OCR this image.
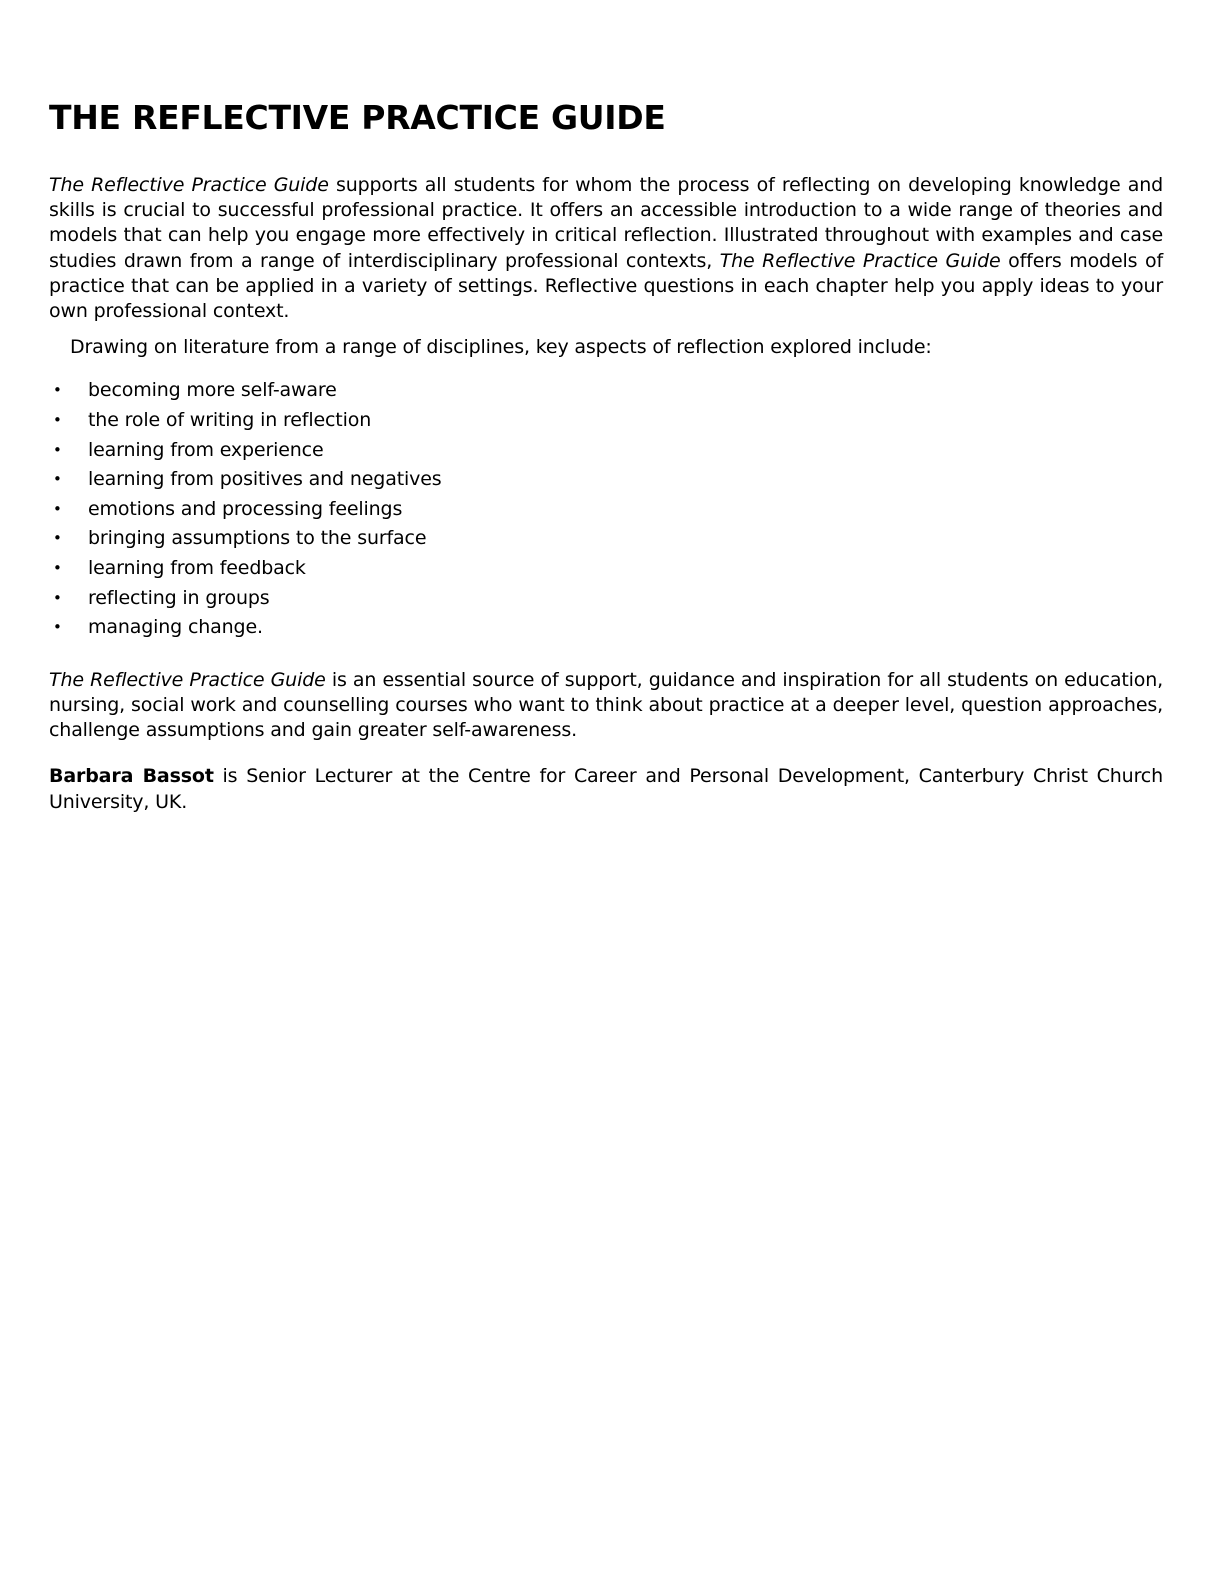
THE REFLECTIVE PRACTICE GUIDE

The Reflective Practice Guide supports all students for whom the process of reflecting on developing knowledge and skills is crucial to successful professional practice. It offers an accessible introduction to a wide range of theories and models that can help you engage more effectively in critical reflection. Illustrated throughout with examples and case studies drawn from a range of interdisciplinary professional contexts, The Reflective Practice Guide offers models of practice that can be applied in a variety of settings. Reflective questions in each chapter help you apply ideas to your own professional context.

Drawing on literature from a range of disciplines, key aspects of reflection explored include:

• becoming more self-aware
• the role of writing in reflection
• learning from experience
• learning from positives and negatives
• emotions and processing feelings
• bringing assumptions to the surface
• learning from feedback
• reflecting in groups
• managing change.

The Reflective Practice Guide is an essential source of support, guidance and inspiration for all students on education, nursing, social work and counselling courses who want to think about practice at a deeper level, question approaches, challenge assumptions and gain greater self-awareness.

Barbara Bassot is Senior Lecturer at the Centre for Career and Personal Development, Canterbury Christ Church University, UK.
